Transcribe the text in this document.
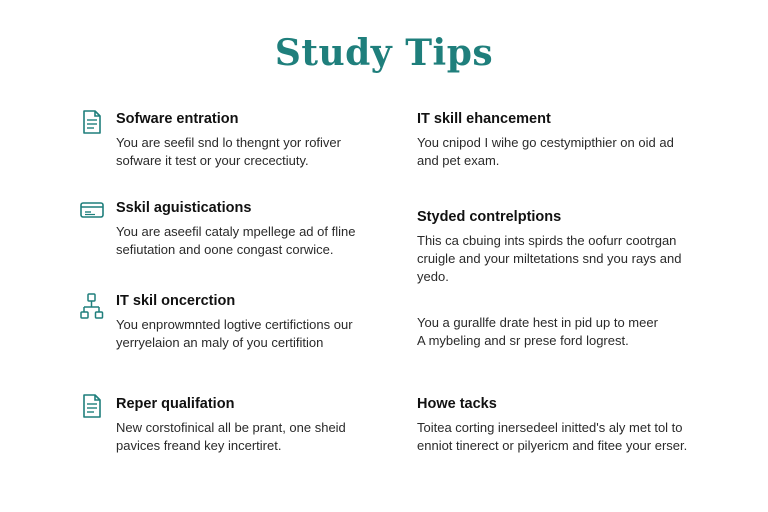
Study Tips
Sofware entration
You are seefil snd lo thengnt yor rofiver
sofware it test or your crecectiuty.
IT skill ehancement
You cnipod I wihe go cestymipthier on oid ad
and pet exam.
Sskil aguistications
You are aseefil cataly mpellege ad of fline
sefiutation and oone congast corwice.
Styded contrelptions
This ca cbuing ints spirds the oofurr cootrgan
cruigle and your miltetations snd you rays and
yedo.
IT skil oncerction
You enprowmnted logtive certifictions our
yerryelaion an maly of you certifition
You a gurallfe drate hest in pid up to meer
A mybeling and sr prese ford logrest.
Reper qualifation
New corstofinical all be prant, one sheid
pavices freand key incertiret.
Howe tacks
Toitea corting inersedeel initted's aly met tol to
enniot tinerect or pilyericm and fitee your erser.
